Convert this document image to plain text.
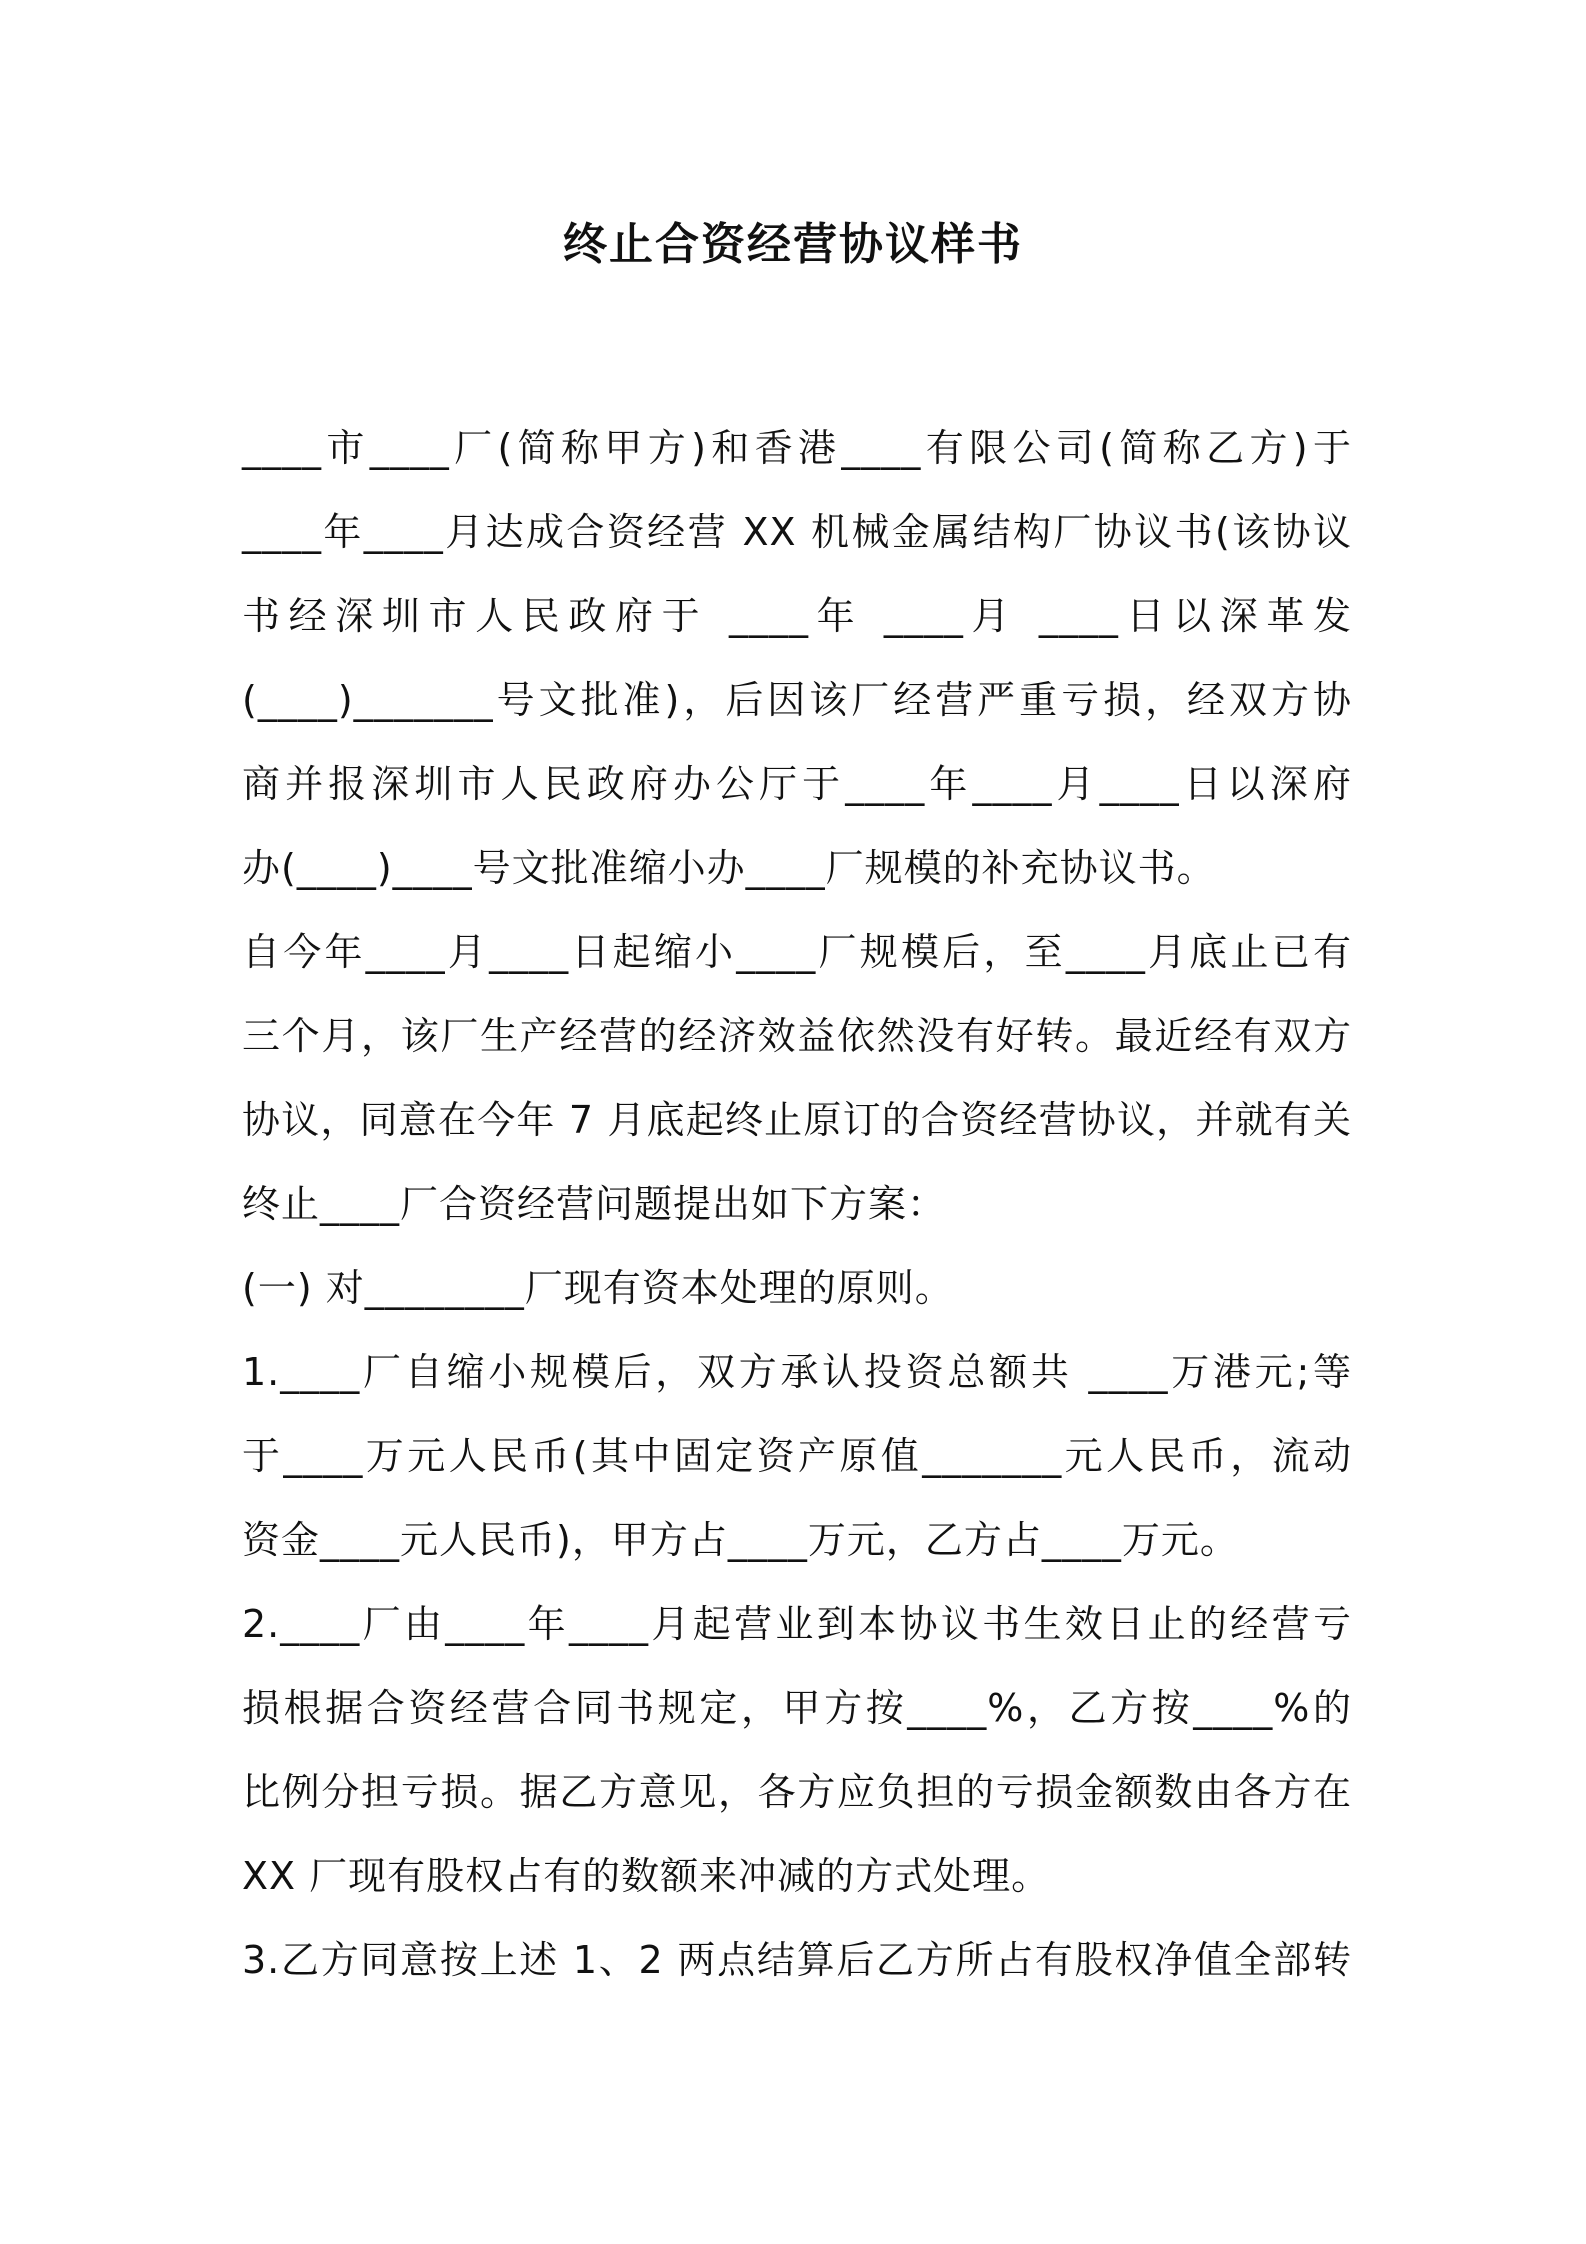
终止合资经营协议样书
____市____厂(简称甲方)和香港____有限公司(简称乙方)于
____年____月达成合资经营 XX 机械金属结构厂协议书(该协议
书经深圳市人民政府于 ____年 ____月 ____日以深革发
(____)_______号文批准)，后因该厂经营严重亏损，经双方协
商并报深圳市人民政府办公厅于____年____月____日以深府
办(____)____号文批准缩小办____厂规模的补充协议书。
自今年____月____日起缩小____厂规模后，至____月底止已有
三个月，该厂生产经营的经济效益依然没有好转。最近经有双方
协议，同意在今年 7 月底起终止原订的合资经营协议，并就有关
终止____厂合资经营问题提出如下方案：
(一) 对________厂现有资本处理的原则。
1.____厂自缩小规模后，双方承认投资总额共 ____万港元;等
于____万元人民币(其中固定资产原值_______元人民币，流动
资金____元人民币)，甲方占____万元，乙方占____万元。
2.____厂由____年____月起营业到本协议书生效日止的经营亏
损根据合资经营合同书规定，甲方按____%，乙方按____%的
比例分担亏损。据乙方意见，各方应负担的亏损金额数由各方在
XX 厂现有股权占有的数额来冲减的方式处理。
3.乙方同意按上述 1、2 两点结算后乙方所占有股权净值全部转
